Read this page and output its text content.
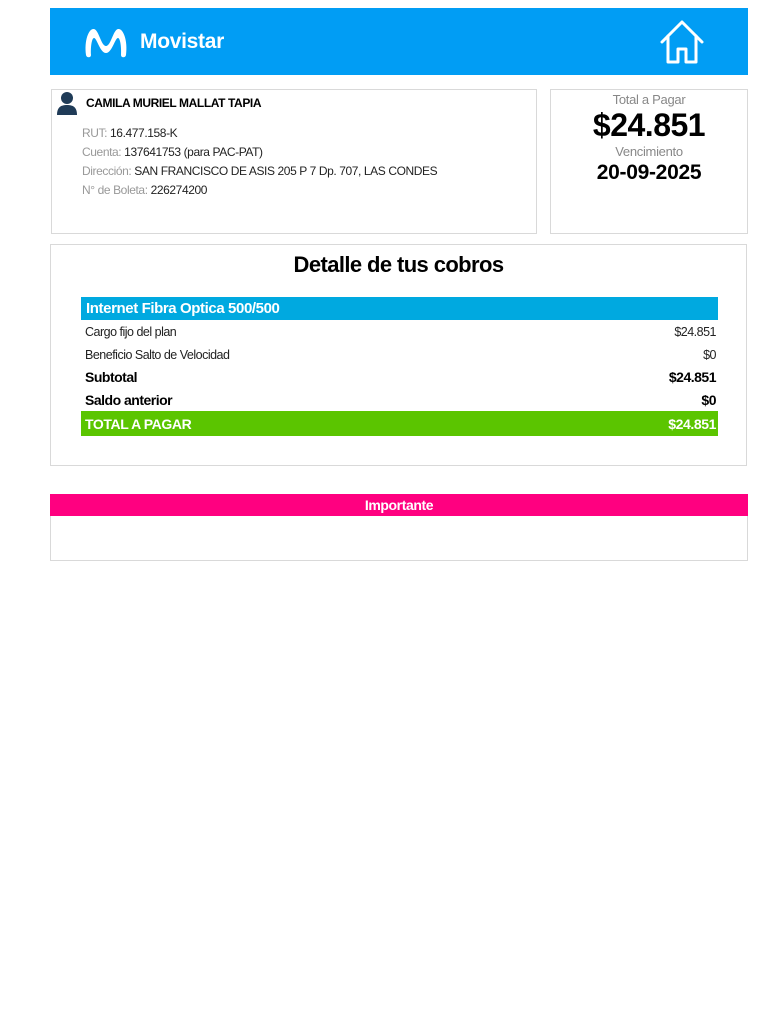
Movistar
CAMILA MURIEL MALLAT TAPIA
RUT: 16.477.158-K
Cuenta: 137641753 (para PAC-PAT)
Dirección: SAN FRANCISCO DE ASIS 205 P 7 Dp. 707, LAS CONDES
N° de Boleta: 226274200
Total a Pagar
$24.851
Vencimiento
20-09-2025
Detalle de tus cobros
Internet Fibra Optica 500/500
Cargo fijo del plan	$24.851
Beneficio Salto de Velocidad	$0
Subtotal	$24.851
Saldo anterior	$0
TOTAL A PAGAR	$24.851
Importante
